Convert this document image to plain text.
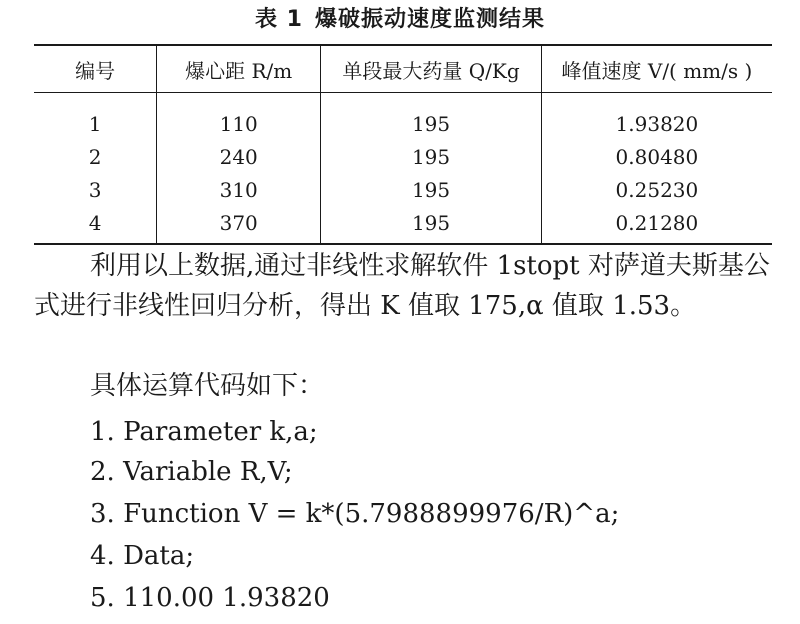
表 1 爆破振动速度监测结果
编号	爆心距 R/m	单段最大药量 Q/Kg	峰值速度 V/( mm/s )
1	110	195	1.93820
2	240	195	0.80480
3	310	195	0.25230
4	370	195	0.21280

利用以上数据,通过非线性求解软件 1stopt 对萨道夫斯基公式进行非线性回归分析，得出 K 值取 175,α 值取 1.53。

具体运算代码如下：

1. Parameter k,a;

2. Variable R,V;

3. Function V = k*(5.7988899976/R)^a;

4. Data;

5. 110.00 1.93820
